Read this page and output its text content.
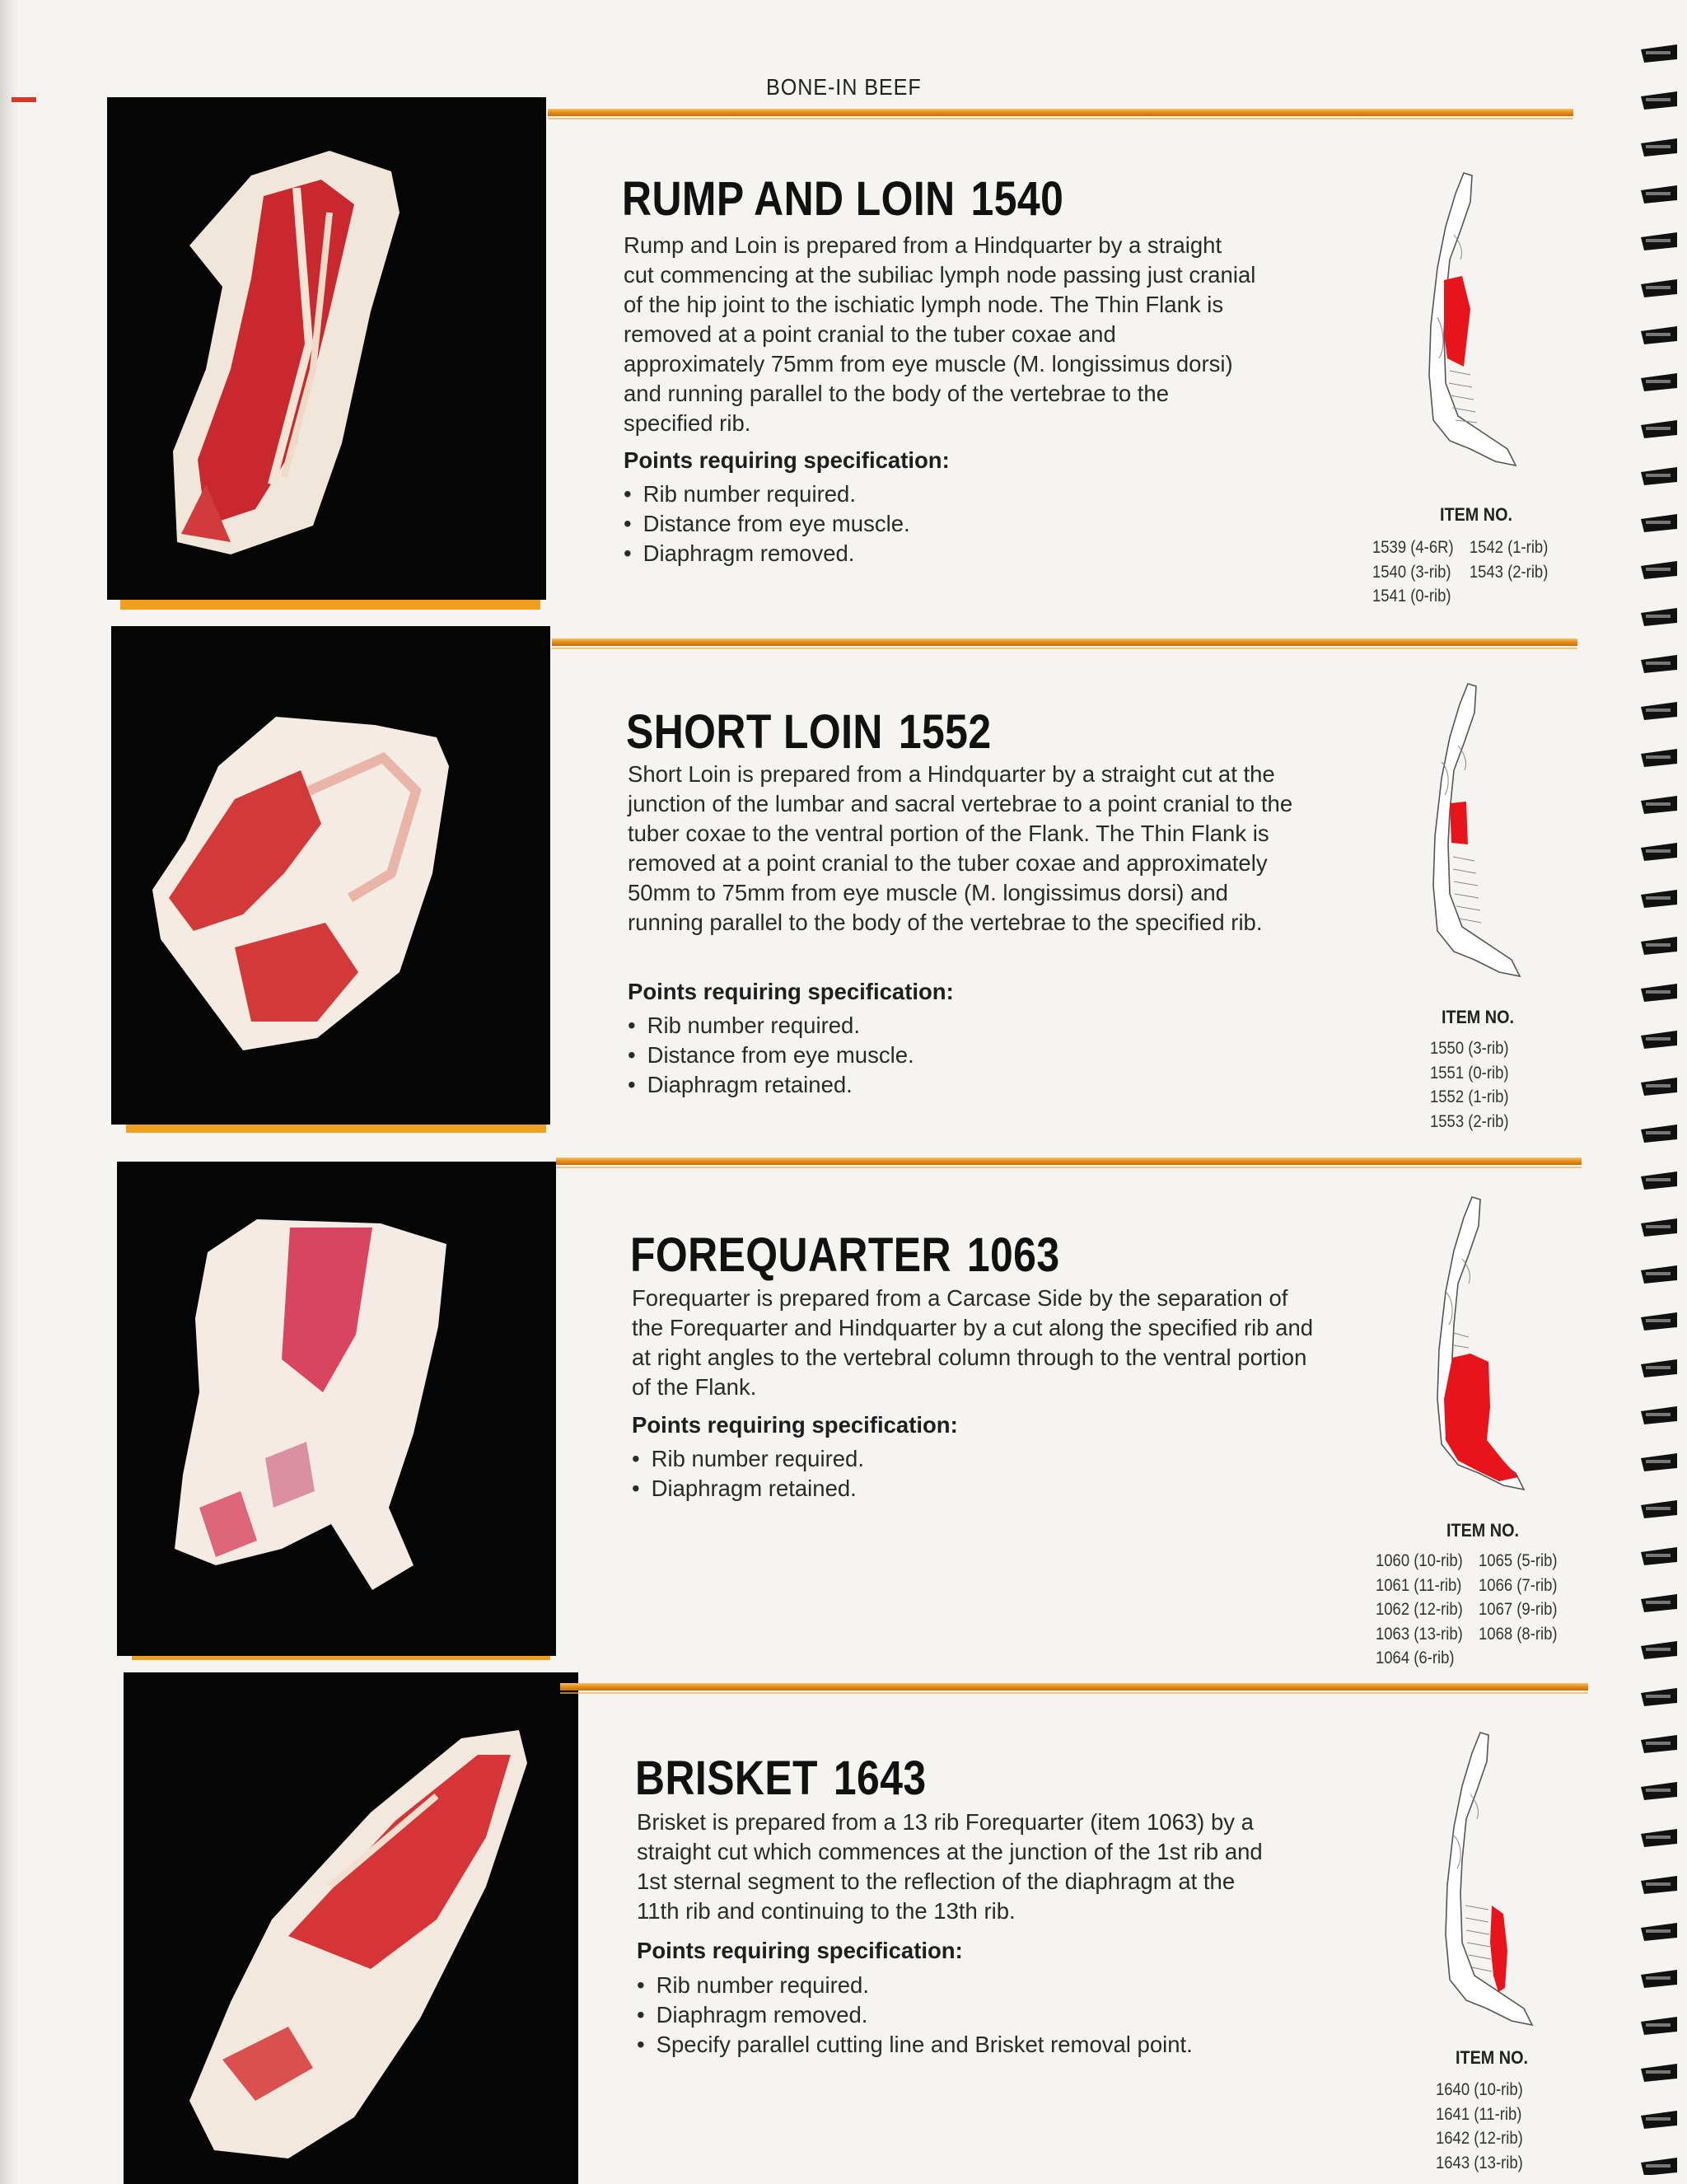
BONE-IN BEEF
RUMP AND LOIN 1540
Rump and Loin is prepared from a Hindquarter by a straight cut commencing at the subiliac lymph node passing just cranial of the hip joint to the ischiatic lymph node. The Thin Flank is removed at a point cranial to the tuber coxae and approximately 75mm from eye muscle (M. longissimus dorsi) and running parallel to the body of the vertebrae to the specified rib.
Points requiring specification:
• Rib number required.
• Distance from eye muscle.
• Diaphragm removed.
ITEM NO.
1539 (4-6R)
1540 (3-rib)
1541 (0-rib)

1542 (1-rib)
1543 (2-rib)
SHORT LOIN 1552
Short Loin is prepared from a Hindquarter by a straight cut at the junction of the lumbar and sacral vertebrae to a point cranial to the tuber coxae to the ventral portion of the Flank. The Thin Flank is removed at a point cranial to the tuber coxae and approximately 50mm to 75mm from eye muscle (M. longissimus dorsi) and running parallel to the body of the vertebrae to the specified rib.
Points requiring specification:
• Rib number required.
• Distance from eye muscle.
• Diaphragm retained.
ITEM NO.
1550 (3-rib)
1551 (0-rib)
1552 (1-rib)
1553 (2-rib)
FOREQUARTER 1063
Forequarter is prepared from a Carcase Side by the separation of the Forequarter and Hindquarter by a cut along the specified rib and at right angles to the vertebral column through to the ventral portion of the Flank.
Points requiring specification:
• Rib number required.
• Diaphragm retained.
ITEM NO.
1060 (10-rib)
1061 (11-rib)
1062 (12-rib)
1063 (13-rib)
1064 (6-rib)

1065 (5-rib)
1066 (7-rib)
1067 (9-rib)
1068 (8-rib)
BRISKET 1643
Brisket is prepared from a 13 rib Forequarter (item 1063) by a straight cut which commences at the junction of the 1st rib and 1st sternal segment to the reflection of the diaphragm at the 11th rib and continuing to the 13th rib.
Points requiring specification:
• Rib number required.
• Diaphragm removed.
• Specify parallel cutting line and Brisket removal point.
ITEM NO.
1640 (10-rib)
1641 (11-rib)
1642 (12-rib)
1643 (13-rib)
